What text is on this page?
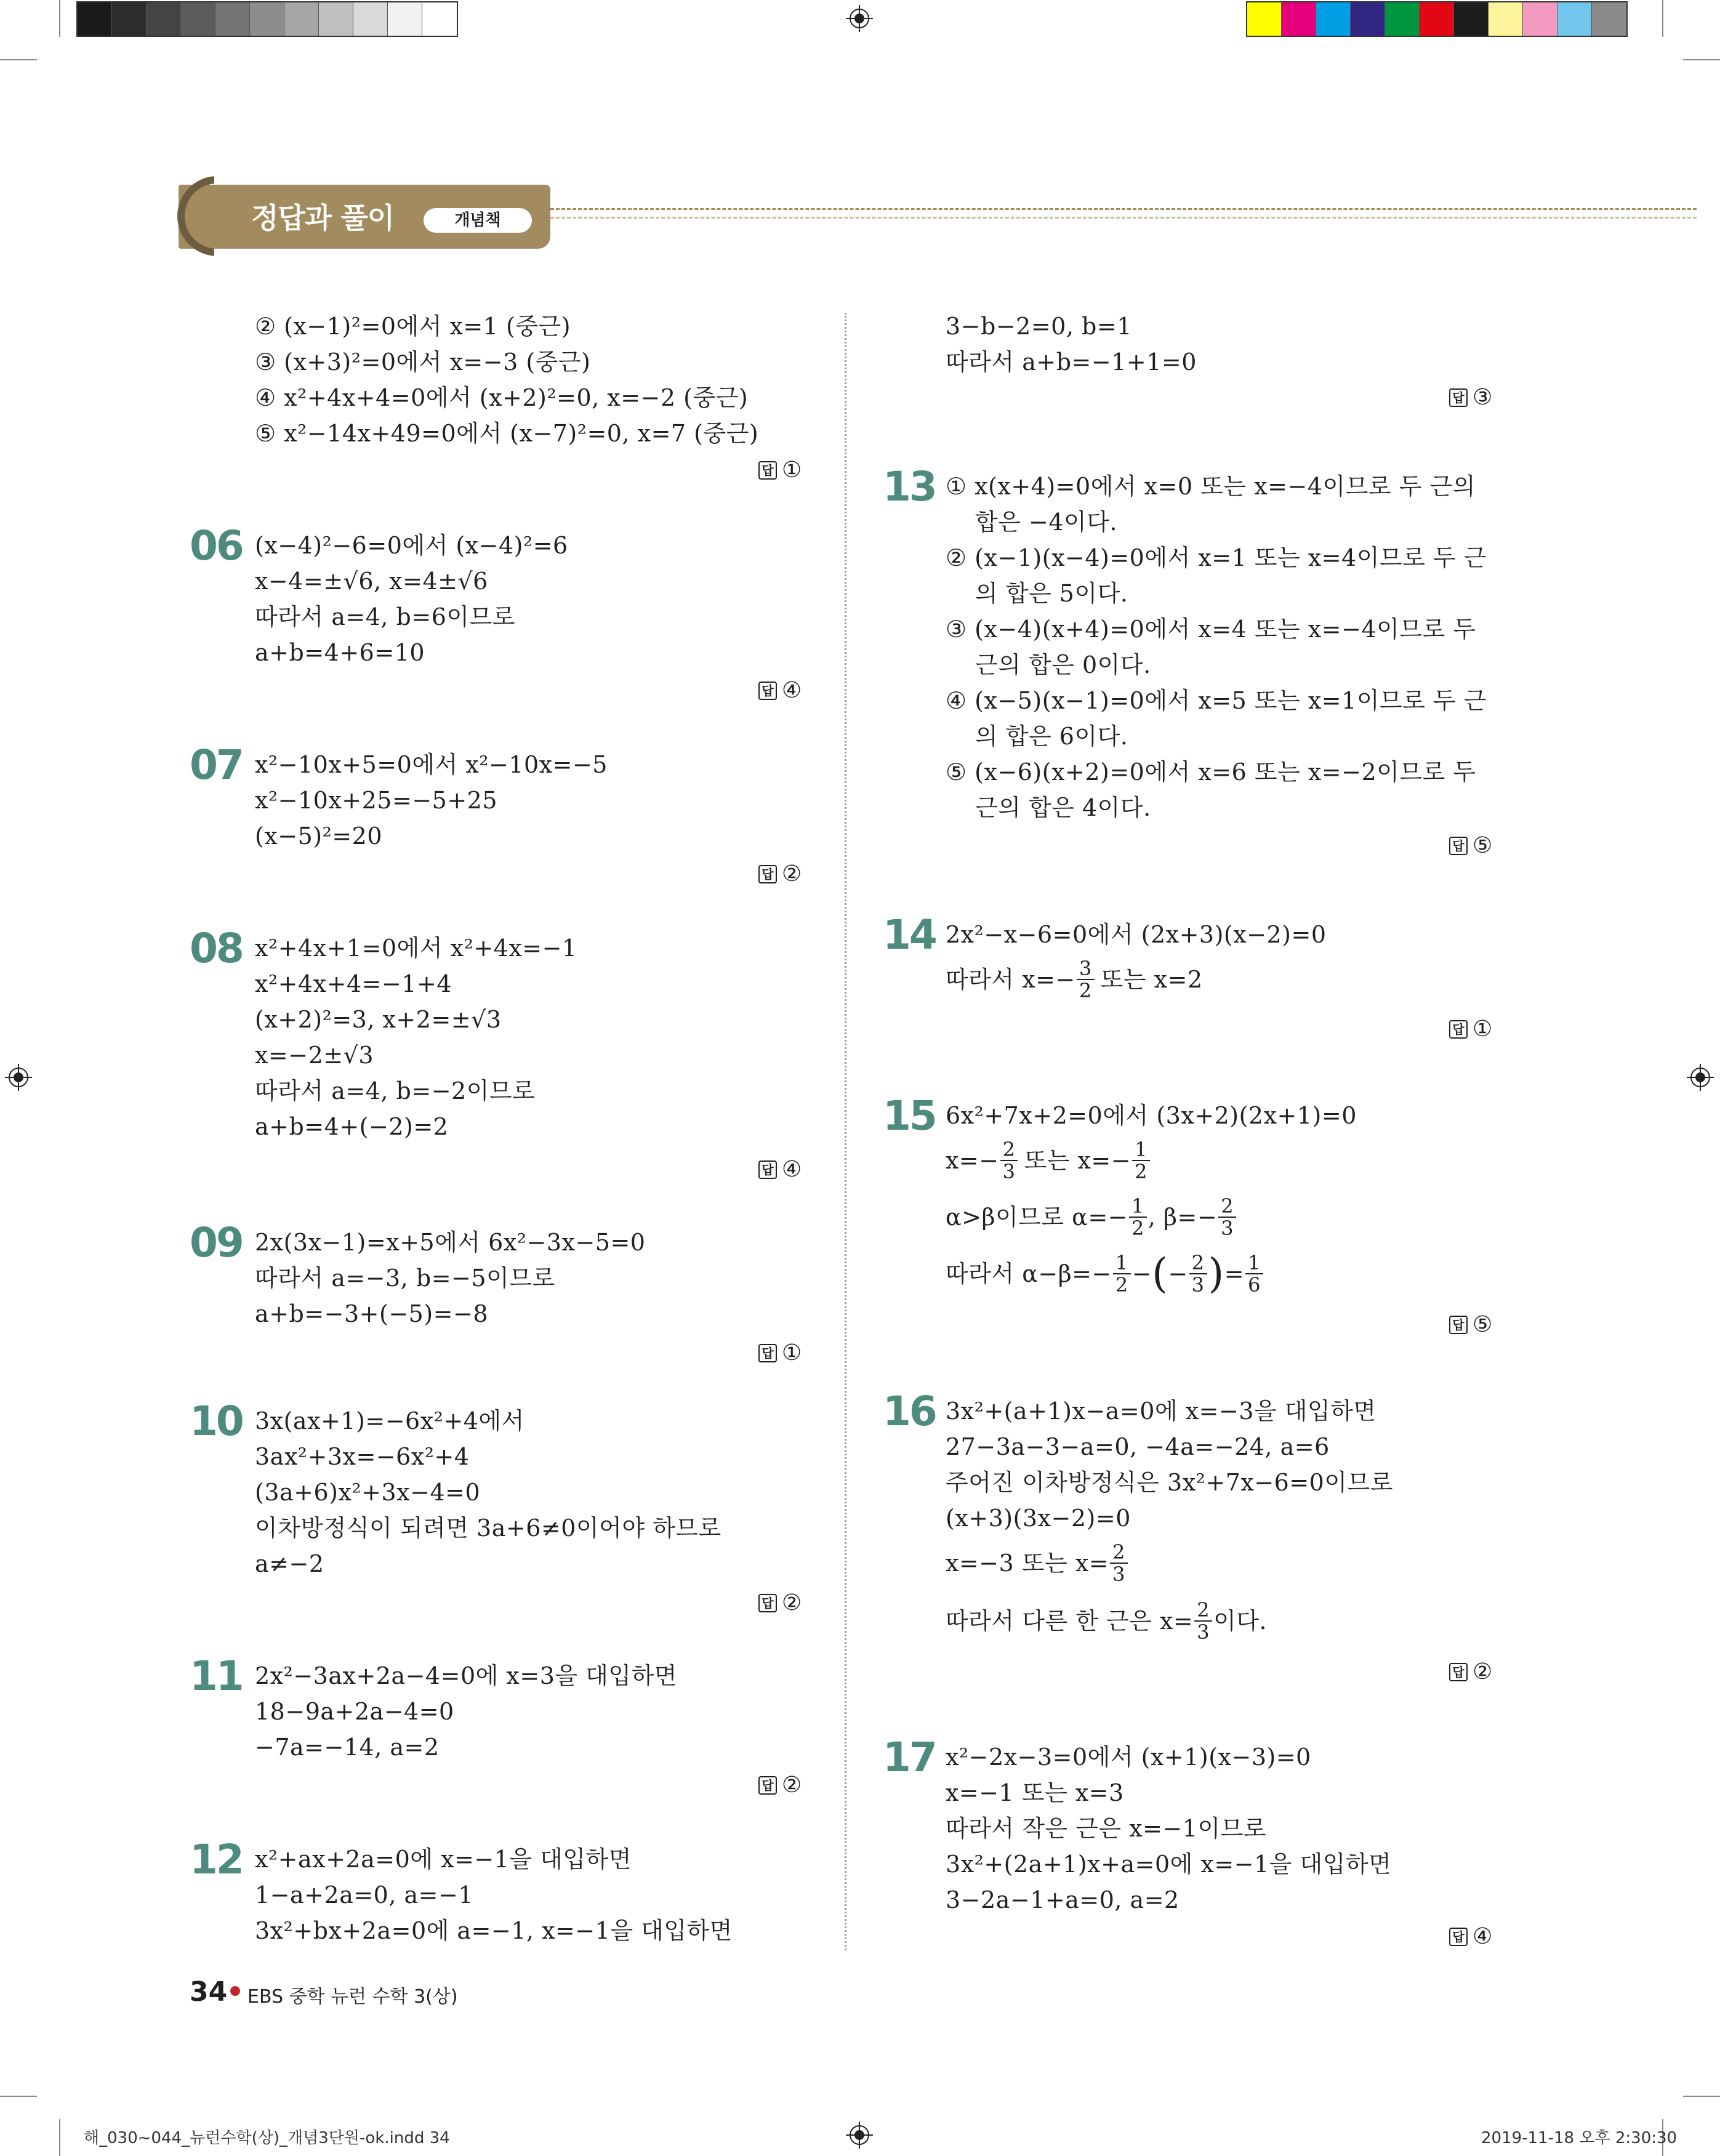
정답과 풀이	개념책
② (x−1)²=0에서 x=1 (중근)
③ (x+3)²=0에서 x=−3 (중근)
④ x²+4x+4=0에서 (x+2)²=0, x=−2 (중근)
⑤ x²−14x+49=0에서 (x−7)²=0, x=7 (중근)
답 ①
06 (x−4)²−6=0에서 (x−4)²=6
x−4=±√6, x=4±√6
따라서 a=4, b=6이므로
a+b=4+6=10
답 ④
07 x²−10x+5=0에서 x²−10x=−5
x²−10x+25=−5+25
(x−5)²=20
답 ②
08 x²+4x+1=0에서 x²+4x=−1
x²+4x+4=−1+4
(x+2)²=3, x+2=±√3
x=−2±√3
따라서 a=4, b=−2이므로
a+b=4+(−2)=2
답 ④
09 2x(3x−1)=x+5에서 6x²−3x−5=0
따라서 a=−3, b=−5이므로
a+b=−3+(−5)=−8
답 ①
10 3x(ax+1)=−6x²+4에서
3ax²+3x=−6x²+4
(3a+6)x²+3x−4=0
이차방정식이 되려면 3a+6≠0이어야 하므로
a≠−2
답 ②
11 2x²−3ax+2a−4=0에 x=3을 대입하면
18−9a+2a−4=0
−7a=−14, a=2
답 ②
12 x²+ax+2a=0에 x=−1을 대입하면
1−a+2a=0, a=−1
3x²+bx+2a=0에 a=−1, x=−1을 대입하면
3−b−2=0, b=1
따라서 a+b=−1+1=0
답 ③
13 ① x(x+4)=0에서 x=0 또는 x=−4이므로 두 근의
합은 −4이다.
② (x−1)(x−4)=0에서 x=1 또는 x=4이므로 두 근
의 합은 5이다.
③ (x−4)(x+4)=0에서 x=4 또는 x=−4이므로 두
근의 합은 0이다.
④ (x−5)(x−1)=0에서 x=5 또는 x=1이므로 두 근
의 합은 6이다.
⑤ (x−6)(x+2)=0에서 x=6 또는 x=−2이므로 두
근의 합은 4이다.
답 ⑤
14 2x²−x−6=0에서 (2x+3)(x−2)=0
따라서 $x=- \frac{3}{2}$ 또는 x=2
답 ①
15 6x²+7x+2=0에서 (3x+2)(2x+1)=0
$x=- \frac{2}{3}$ 또는 $x=- \frac{1}{2}$
α>β이므로 $\alpha=- \frac{1}{2}$ , $\beta=- \frac{2}{3}$
따라서 $\alpha-\beta=- \frac{1}{2}$ − ( − $\frac{2}{3}$ ) = $\frac{1}{6}$
답 ⑤
16 3x²+(a+1)x−a=0에 x=−3을 대입하면
27−3a−3−a=0, −4a=−24, a=6
주어진 이차방정식은 3x²+7x−6=0이므로
(x+3)(3x−2)=0
x=−3 또는 $x= \frac{2}{3}$
따라서 다른 한 근은 $x= \frac{2}{3}$ 이다.
답 ②
17 x²−2x−3=0에서 (x+1)(x−3)=0
x=−1 또는 x=3
따라서 작은 근은 x=−1이므로
3x²+(2a+1)x+a=0에 x=−1을 대입하면
3−2a−1+a=0, a=2
답 ④
34 EBS 중학 뉴런 수학 3(상)
해_030~044_뉴런수학(상)_개념3단원-ok.indd 34	2019-11-18 오후 2:30:30
